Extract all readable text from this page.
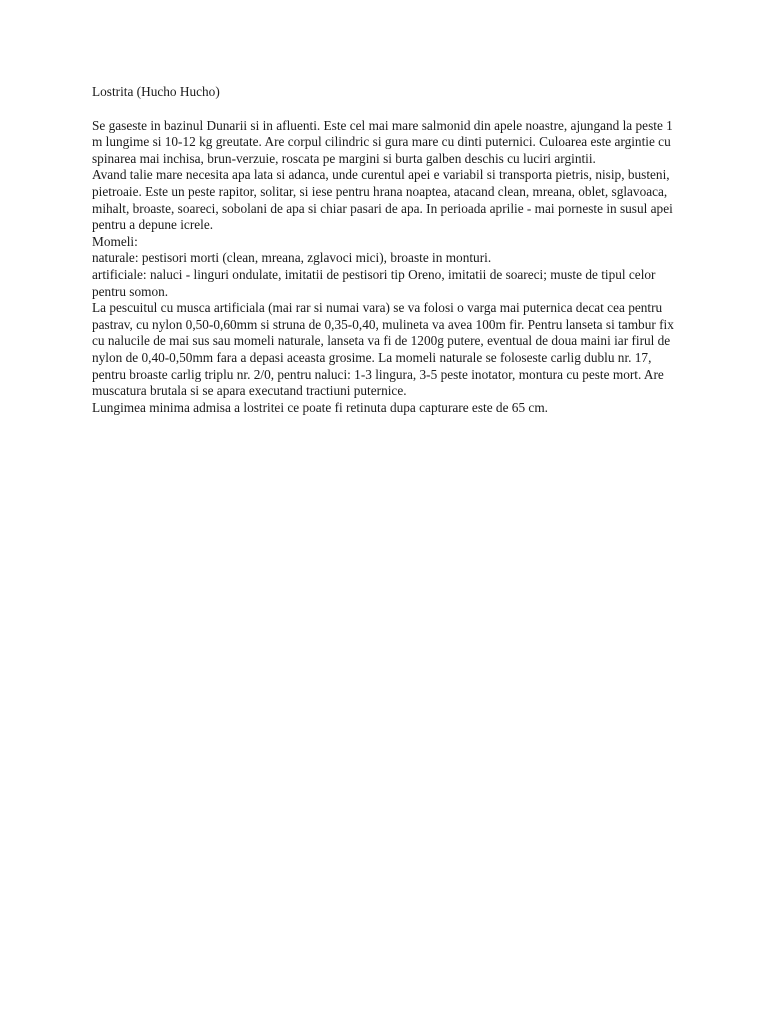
Lostrita (Hucho Hucho)

Se gaseste in bazinul Dunarii si in afluenti. Este cel mai mare salmonid din apele noastre, ajungand la peste 1 m lungime si 10-12 kg greutate. Are corpul cilindric si gura mare cu dinti puternici. Culoarea este argintie cu spinarea mai inchisa, brun-verzuie, roscata pe margini si burta galben deschis cu luciri argintii.

Avand talie mare necesita apa lata si adanca, unde curentul apei e variabil si transporta pietris, nisip, busteni, pietroaie. Este un peste rapitor, solitar, si iese pentru hrana noaptea, atacand clean, mreana, oblet, sglavoaca, mihalt, broaste, soareci, sobolani de apa si chiar pasari de apa. In perioada aprilie - mai porneste in susul apei pentru a depune icrele.

Momeli:

naturale: pestisori morti (clean, mreana, zglavoci mici), broaste in monturi.

artificiale: naluci - linguri ondulate, imitatii de pestisori tip Oreno, imitatii de soareci; muste de tipul celor pentru somon.

La pescuitul cu musca artificiala (mai rar si numai vara) se va folosi o varga mai puternica decat cea pentru pastrav, cu nylon 0,50-0,60mm si struna de 0,35-0,40, mulineta va avea 100m fir. Pentru lanseta si tambur fix cu nalucile de mai sus sau momeli naturale, lanseta va fi de 1200g putere, eventual de doua maini iar firul de nylon de 0,40-0,50mm fara a depasi aceasta grosime. La momeli naturale se foloseste carlig dublu nr. 17, pentru broaste carlig triplu nr. 2/0, pentru naluci: 1-3 lingura, 3-5 peste inotator, montura cu peste mort. Are muscatura brutala si se apara executand tractiuni puternice.

Lungimea minima admisa a lostritei ce poate fi retinuta dupa capturare este de 65 cm.
